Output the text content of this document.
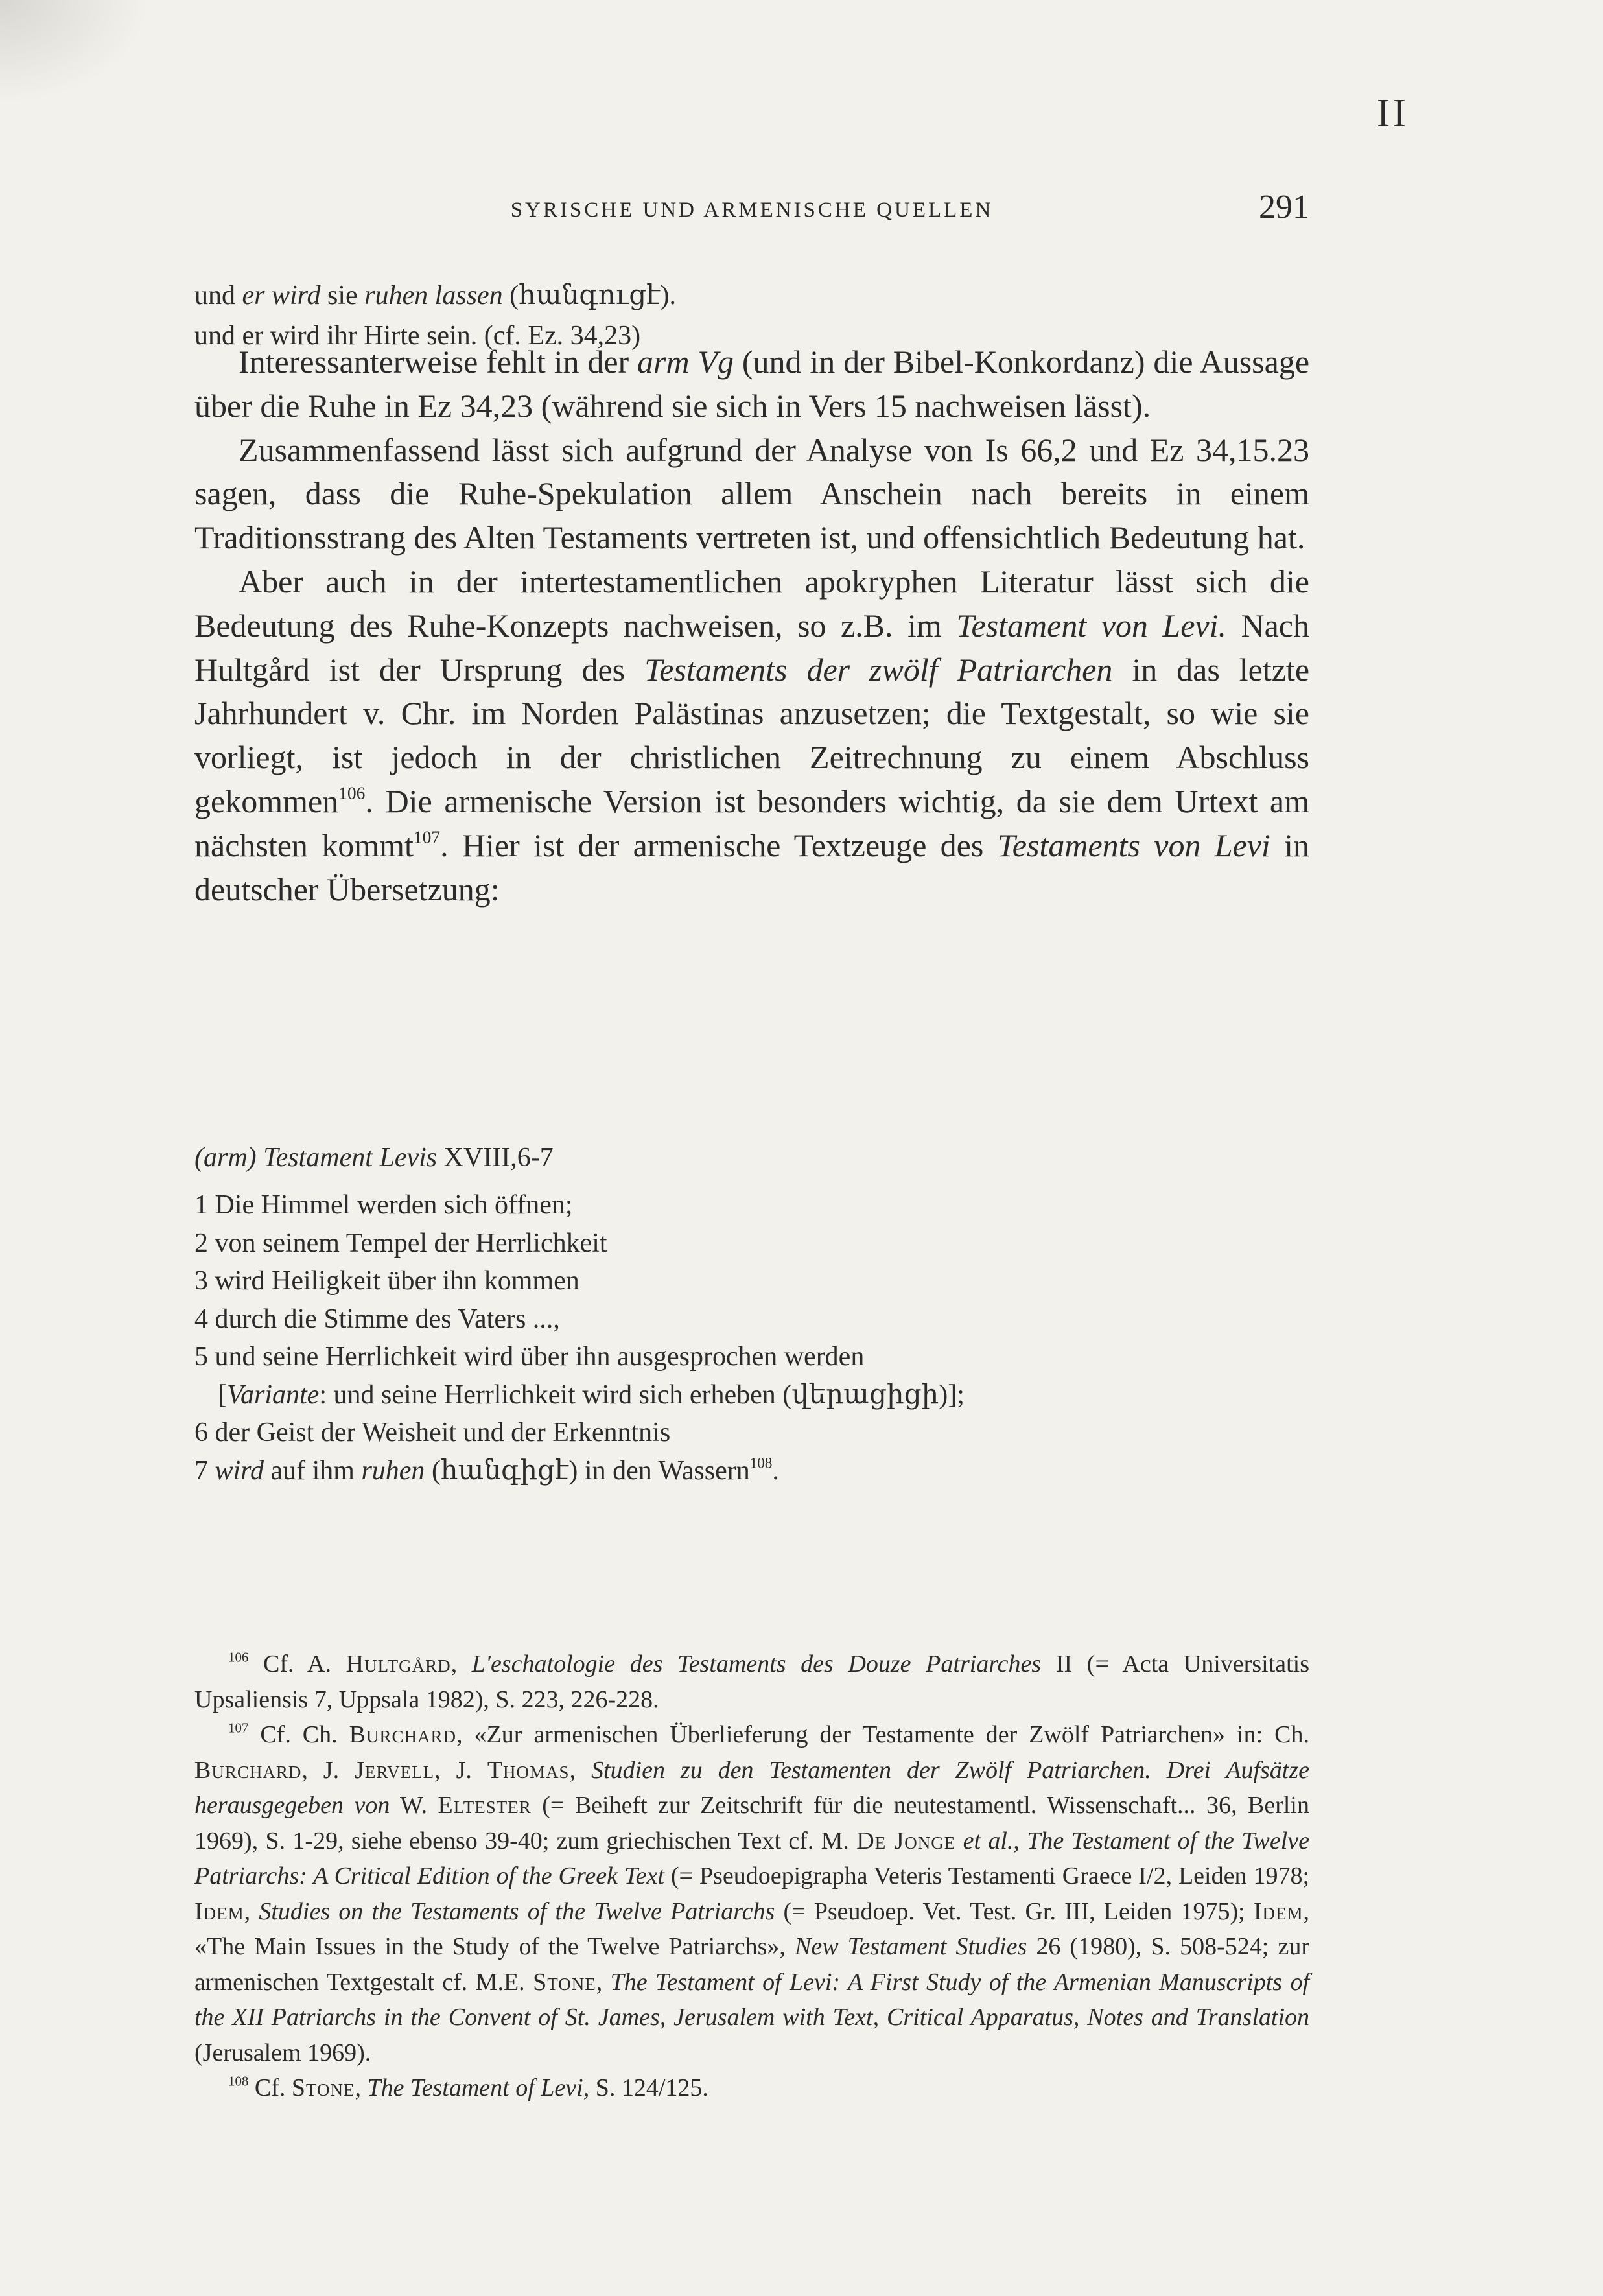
II
SYRISCHE UND ARMENISCHE QUELLEN	291
und er wird sie ruhen lassen (հանգուցէ).
und er wird ihr Hirte sein. (cf. Ez. 34,23)

Interessanterweise fehlt in der arm Vg (und in der Bibel-Konkordanz) die Aussage über die Ruhe in Ez 34,23 (während sie sich in Vers 15 nachweisen lässt).

Zusammenfassend lässt sich aufgrund der Analyse von Is 66,2 und Ez 34,15.23 sagen, dass die Ruhe-Spekulation allem Anschein nach bereits in einem Traditionsstrang des Alten Testaments vertreten ist, und offensichtlich Bedeutung hat.

Aber auch in der intertestamentlichen apokryphen Literatur lässt sich die Bedeutung des Ruhe-Konzepts nachweisen, so z.B. im Testament von Levi. Nach Hultgård ist der Ursprung des Testaments der zwölf Patriarchen in das letzte Jahrhundert v. Chr. im Norden Palästinas anzusetzen; die Textgestalt, so wie sie vorliegt, ist jedoch in der christlichen Zeitrechnung zu einem Abschluss gekommen$^{106}$. Die armenische Version ist besonders wichtig, da sie dem Urtext am nächsten kommt$^{107}$. Hier ist der armenische Textzeuge des Testaments von Levi in deutscher Übersetzung:

(arm) Testament Levis XVIII,6-7
1 Die Himmel werden sich öffnen;
2 von seinem Tempel der Herrlichkeit
3 wird Heiligkeit über ihn kommen
4 durch die Stimme des Vaters ...,
5 und seine Herrlichkeit wird über ihn ausgesprochen werden
[Variante: und seine Herrlichkeit wird sich erheben (վերացիցի)];
6 der Geist der Weisheit und der Erkenntnis
7 wird auf ihm ruhen (հանգիցէ) in den Wassern$^{108}$.

$^{106}$ Cf. A. Hultgård, L'eschatologie des Testaments des Douze Patriarches II (= Acta Universitatis Upsaliensis 7, Uppsala 1982), S. 223, 226-228.

$^{107}$ Cf. Ch. Burchard, «Zur armenischen Überlieferung der Testamente der Zwölf Patriarchen» in: Ch. Burchard, J. Jervell, J. Thomas, Studien zu den Testamenten der Zwölf Patriarchen. Drei Aufsätze herausgegeben von W. Eltester (= Beiheft zur Zeitschrift für die neutestamentl. Wissenschaft... 36, Berlin 1969), S. 1-29, siehe ebenso 39-40; zum griechischen Text cf. M. De Jonge et al., The Testament of the Twelve Patriarchs: A Critical Edition of the Greek Text (= Pseudoepigrapha Veteris Testamenti Graece I/2, Leiden 1978; Idem, Studies on the Testaments of the Twelve Patriarchs (= Pseudoep. Vet. Test. Gr. III, Leiden 1975); Idem, «The Main Issues in the Study of the Twelve Patriarchs», New Testament Studies 26 (1980), S. 508-524; zur armenischen Textgestalt cf. M.E. Stone, The Testament of Levi: A First Study of the Armenian Manuscripts of the XII Patriarchs in the Convent of St. James, Jerusalem with Text, Critical Apparatus, Notes and Translation (Jerusalem 1969).

$^{108}$ Cf. Stone, The Testament of Levi, S. 124/125.
